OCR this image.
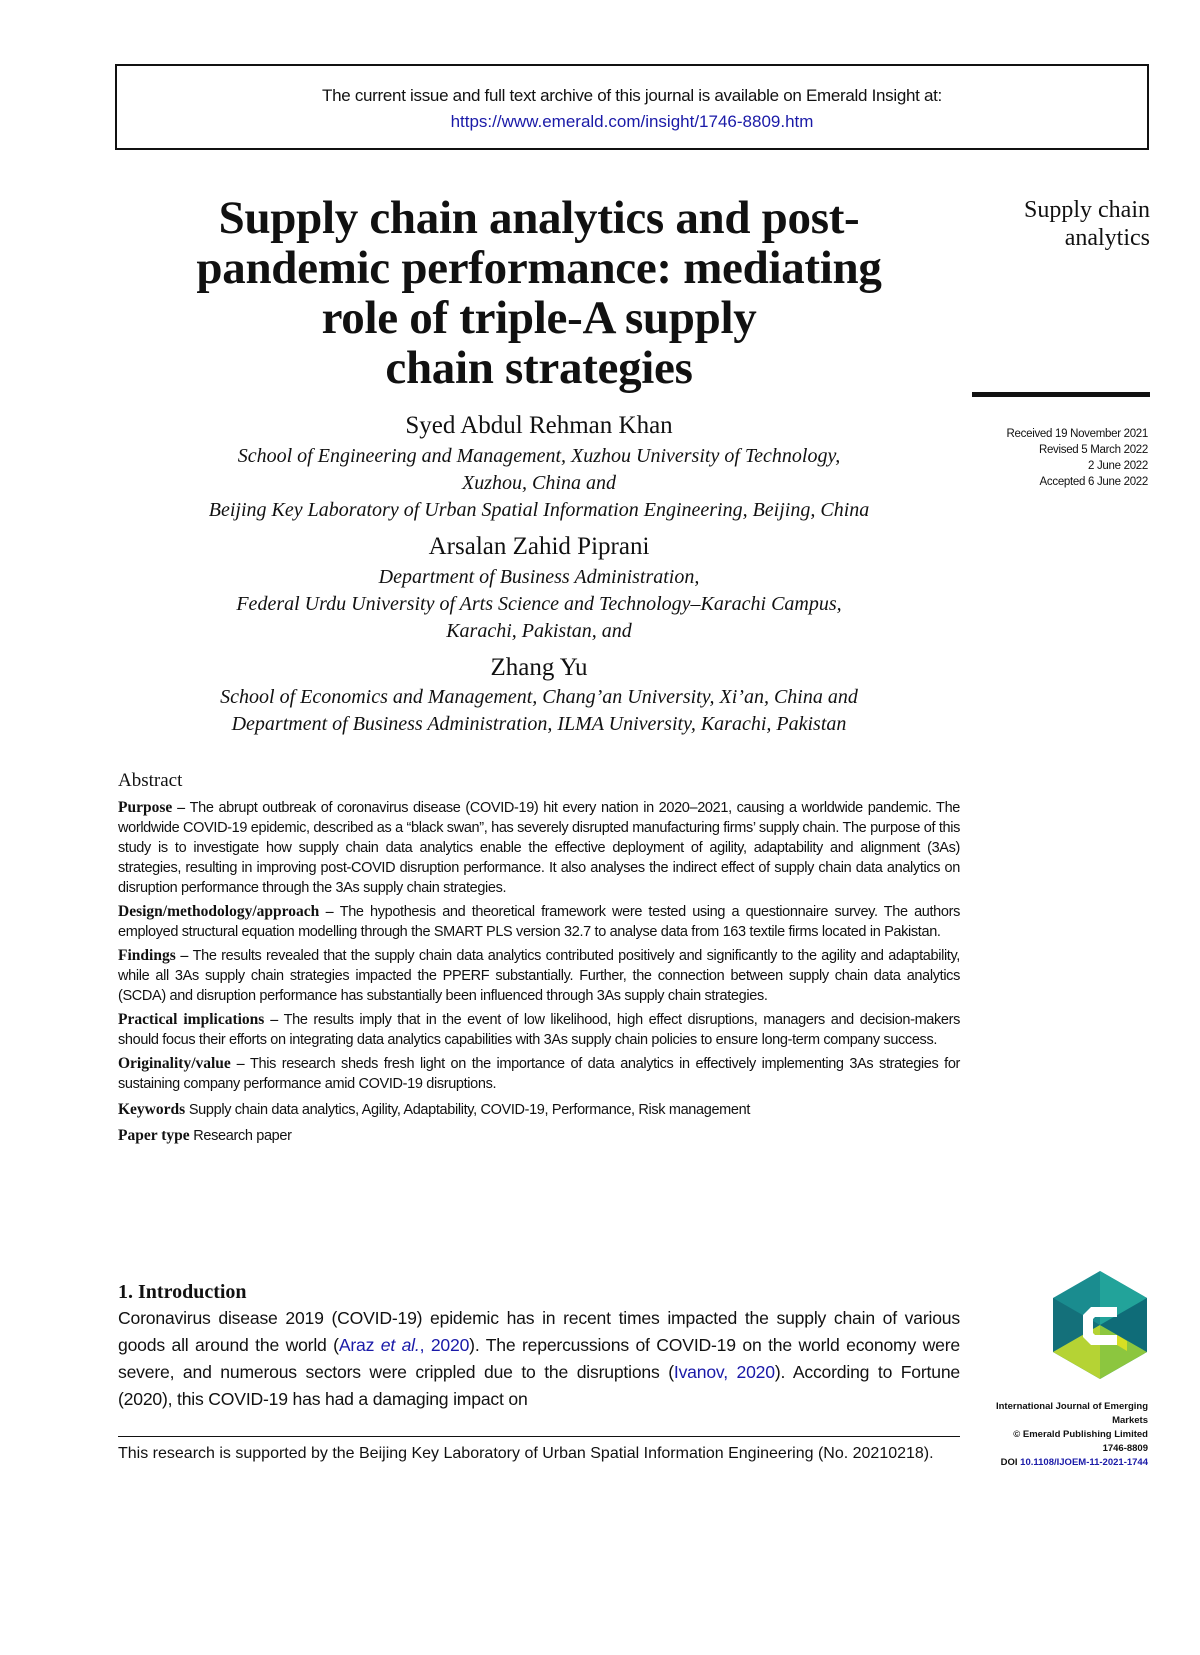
The current issue and full text archive of this journal is available on Emerald Insight at:
https://www.emerald.com/insight/1746-8809.htm
Supply chain analytics and post-
pandemic performance: mediating
role of triple-A supply
chain strategies
Supply chain
analytics
Received 19 November 2021
Revised 5 March 2022
2 June 2022
Accepted 6 June 2022
Syed Abdul Rehman Khan
School of Engineering and Management, Xuzhou University of Technology,
Xuzhou, China and
Beijing Key Laboratory of Urban Spatial Information Engineering, Beijing, China
Arsalan Zahid Piprani
Department of Business Administration,
Federal Urdu University of Arts Science and Technology–Karachi Campus,
Karachi, Pakistan, and
Zhang Yu
School of Economics and Management, Chang’an University, Xi’an, China and
Department of Business Administration, ILMA University, Karachi, Pakistan
Abstract

Purpose – The abrupt outbreak of coronavirus disease (COVID-19) hit every nation in 2020–2021, causing a worldwide pandemic. The worldwide COVID-19 epidemic, described as a “black swan”, has severely disrupted manufacturing firms’ supply chain. The purpose of this study is to investigate how supply chain data analytics enable the effective deployment of agility, adaptability and alignment (3As) strategies, resulting in improving post-COVID disruption performance. It also analyses the indirect effect of supply chain data analytics on disruption performance through the 3As supply chain strategies.

Design/methodology/approach – The hypothesis and theoretical framework were tested using a questionnaire survey. The authors employed structural equation modelling through the SMART PLS version 32.7 to analyse data from 163 textile firms located in Pakistan.

Findings – The results revealed that the supply chain data analytics contributed positively and significantly to the agility and adaptability, while all 3As supply chain strategies impacted the PPERF substantially. Further, the connection between supply chain data analytics (SCDA) and disruption performance has substantially been influenced through 3As supply chain strategies.

Practical implications – The results imply that in the event of low likelihood, high effect disruptions, managers and decision-makers should focus their efforts on integrating data analytics capabilities with 3As supply chain policies to ensure long-term company success.

Originality/value – This research sheds fresh light on the importance of data analytics in effectively implementing 3As strategies for sustaining company performance amid COVID-19 disruptions.

Keywords Supply chain data analytics, Agility, Adaptability, COVID-19, Performance, Risk management

Paper type Research paper

1. Introduction
Coronavirus disease 2019 (COVID-19) epidemic has in recent times impacted the supply chain of various goods all around the world (Araz et al., 2020). The repercussions of COVID-19 on the world economy were severe, and numerous sectors were crippled due to the disruptions (Ivanov, 2020). According to Fortune (2020), this COVID-19 has had a damaging impact on
This research is supported by the Beijing Key Laboratory of Urban Spatial Information Engineering (No. 20210218).
International Journal of Emerging
Markets
© Emerald Publishing Limited
1746-8809
DOI 10.1108/IJOEM-11-2021-1744
